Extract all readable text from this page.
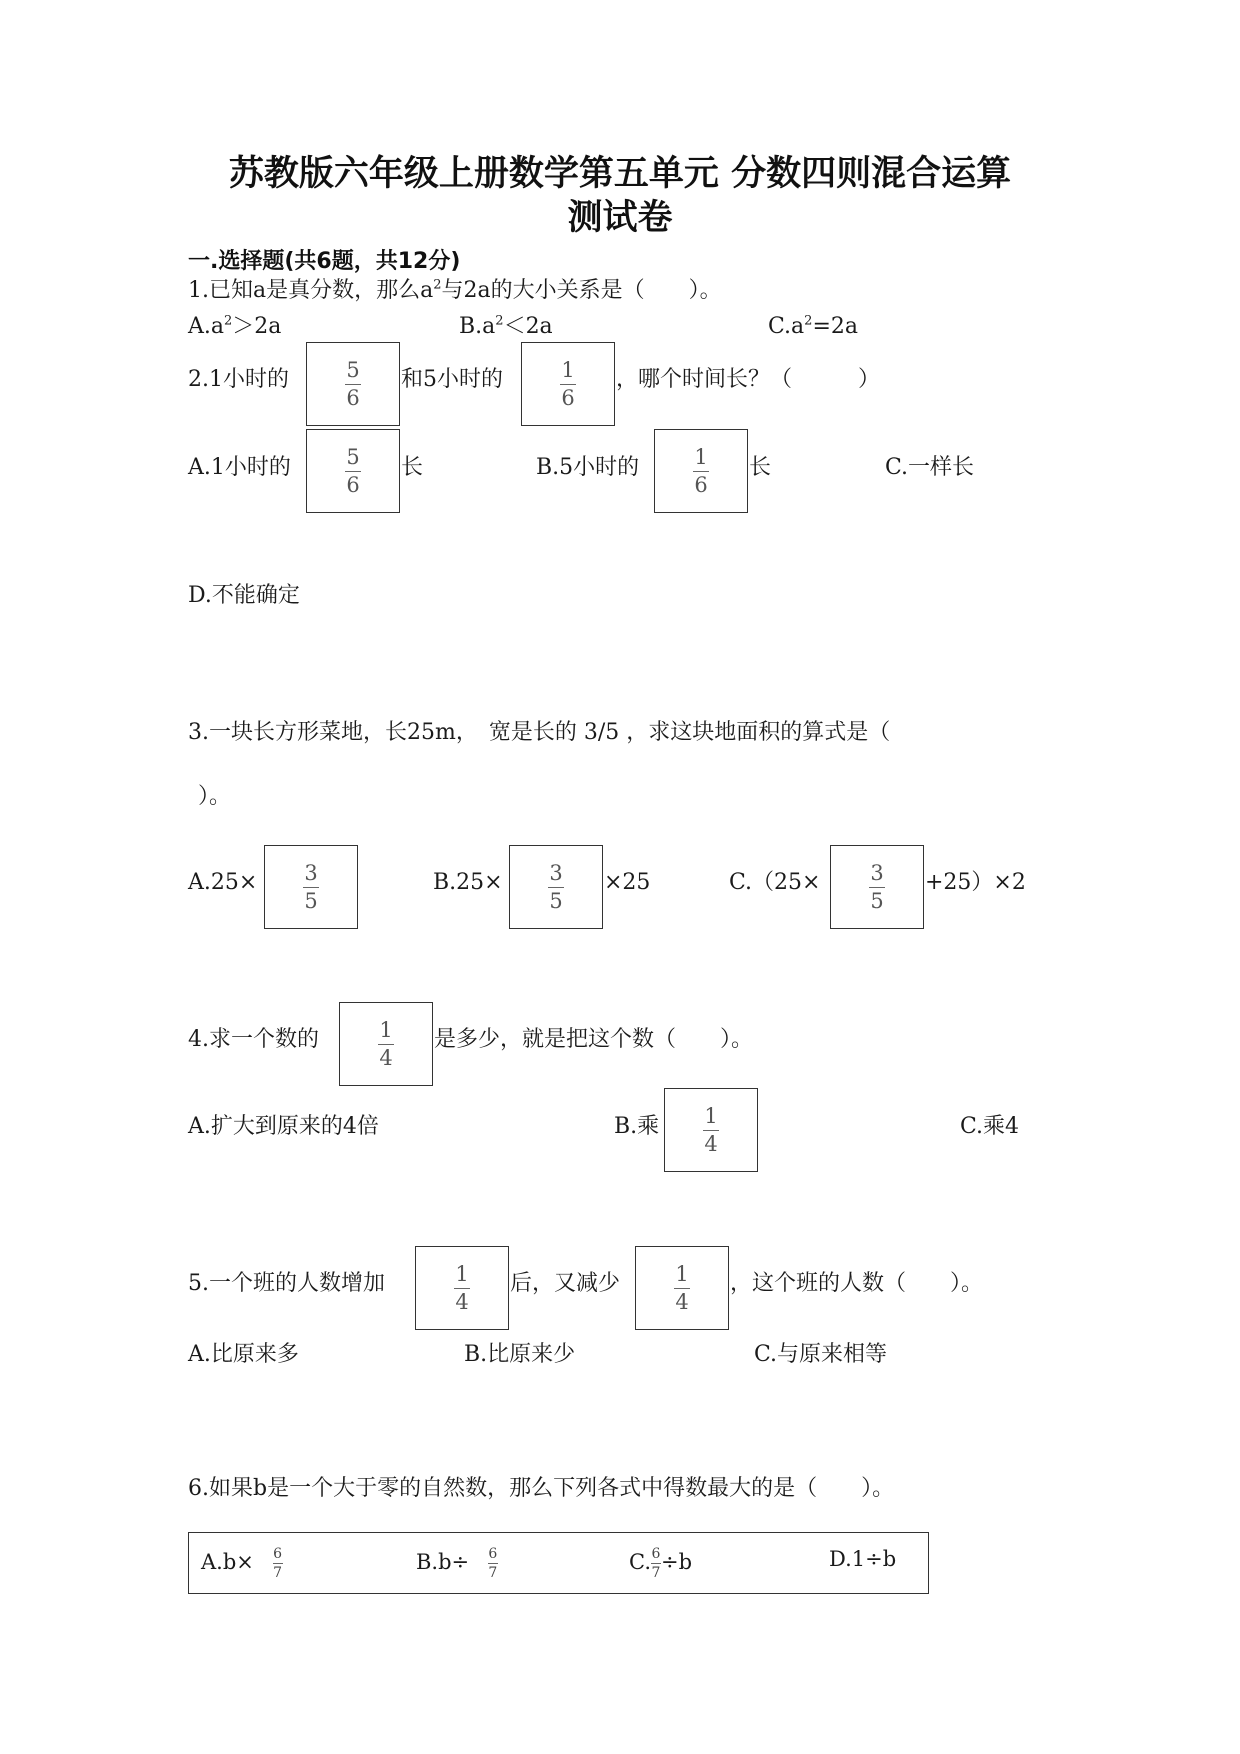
苏教版六年级上册数学第五单元 分数四则混合运算
测试卷
一.选择题(共6题，共12分)
1.已知a是真分数，那么$a^2$与2a的大小关系是（　　）。
$A.a^2>2a$	$B.a^2<2a$	$C.a^2=2a$
2.1小时的	$\frac{5}{6}$ 和5小时的	$\frac{1}{6}$ ，哪个时间长？（　　　）
A.1小时的	$\frac{5}{6}$ 长	B.5小时的	$\frac{1}{6}$ 长	C.一样长
D.不能确定
3.一块长方形菜地，长25m，　宽是长的 3/5 ，求这块地面积的算式是（
）。
$A.25\times \frac{3}{5}$	$B.25\times \frac{3}{5} \times 25$	$C.(25\times \frac{3}{5} +25)\times 2$
4.求一个数的	$\frac{1}{4}$ 是多少，就是把这个数（　　）。
A.扩大到原来的4倍	B.乘 $\frac{1}{4}$	C.乘4
5.一个班的人数增加	$\frac{1}{4}$ 后，又减少	$\frac{1}{4}$ ，这个班的人数（　　）。
A.比原来多	B.比原来少	C.与原来相等
6.如果b是一个大于零的自然数，那么下列各式中得数最大的是（　　）。
$A.b\times \frac{6}{7}$	$B.b\div \frac{6}{7}$	C. $\frac{6}{7} \div b$	D.1÷b
